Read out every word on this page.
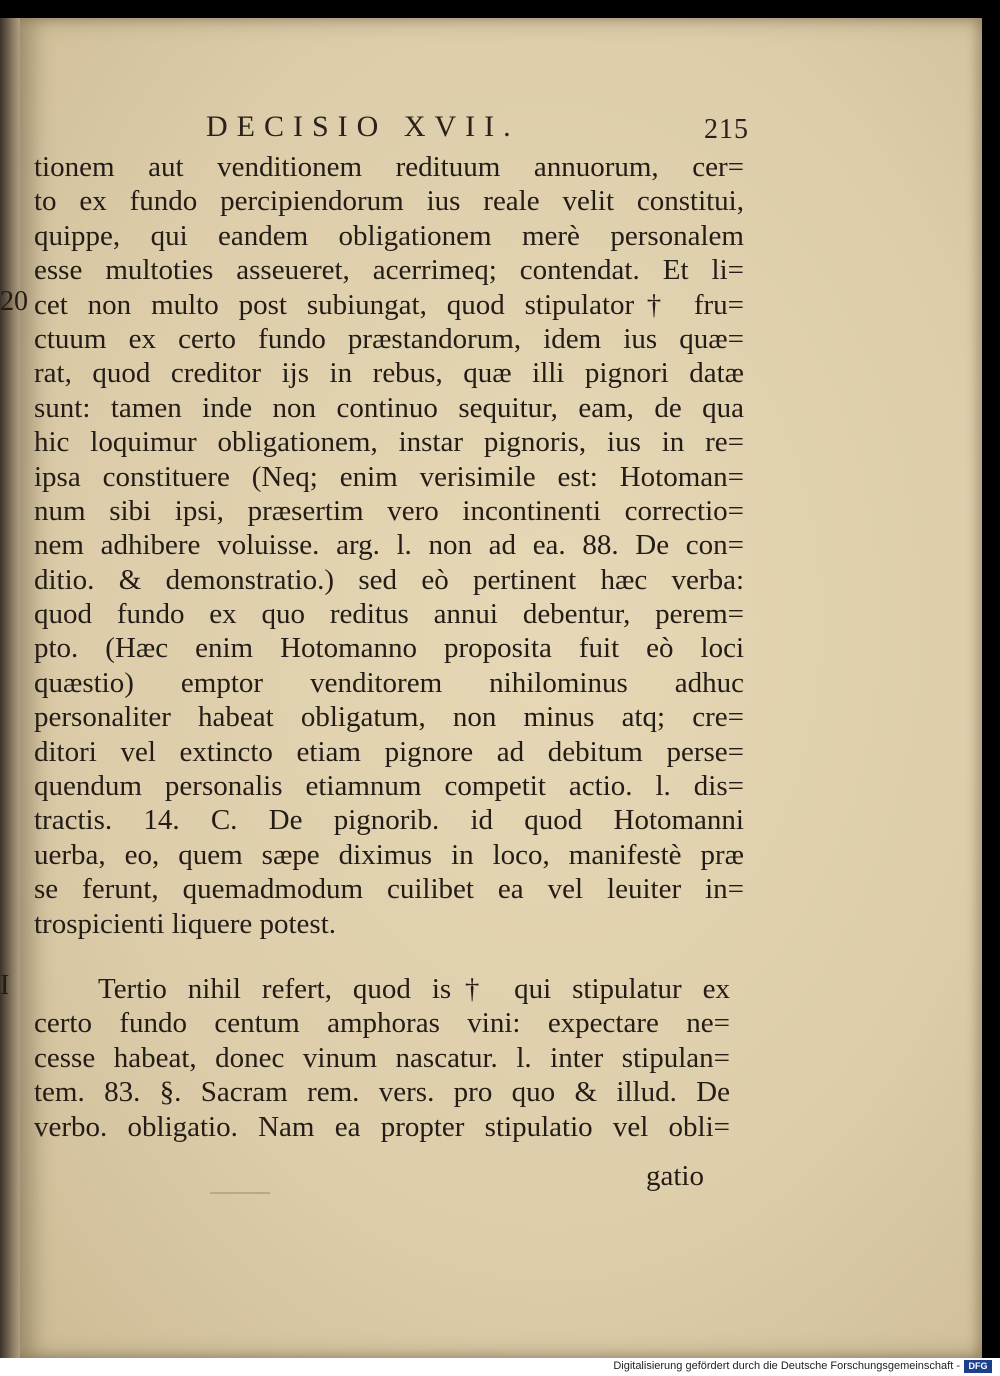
DECISIO XVII.	215
20
I
tionem aut venditionem redituum annuorum, cer=
to ex fundo percipiendorum ius reale velit constitui,
quippe, qui eandem obligationem merè personalem
esse multoties asseueret, acerrimeq; contendat. Et li=
cet non multo post subiungat, quod stipulator† fru=
ctuum ex certo fundo præstandorum, idem ius quæ=
rat, quod creditor ijs in rebus, quæ illi pignori datæ
sunt: tamen inde non continuo sequitur, eam, de qua
hic loquimur obligationem, instar pignoris, ius in re=
ipsa constituere (Neq; enim verisimile est: Hotoman=
num sibi ipsi, præsertim vero incontinenti correctio=
nem adhibere voluisse. arg. l. non ad ea. 88. De con=
ditio. & demonstratio.) sed eò pertinent hæc verba:
quod fundo ex quo reditus annui debentur, perem=
pto. (Hæc enim Hotomanno proposita fuit eò loci
quæstio) emptor venditorem nihilominus adhuc
personaliter habeat obligatum, non minus atq; cre=
ditori vel extincto etiam pignore ad debitum perse=
quendum personalis etiamnum competit actio. l. dis=
tractis. 14. C. De pignorib. id quod Hotomanni
uerba, eo, quem sæpe diximus in loco, manifestè præ
se ferunt, quemadmodum cuilibet ea vel leuiter in=
trospicienti liquere potest.
Tertio nihil refert, quod is† qui stipulatur ex
certo fundo centum amphoras vini: expectare ne=
cesse habeat, donec vinum nascatur. l. inter stipulan=
tem. 83. §. Sacram rem. vers. pro quo & illud. De
verbo. obligatio. Nam ea propter stipulatio vel obli=
gatio
Digitalisierung gefördert durch die Deutsche Forschungsgemeinschaft - DFG
